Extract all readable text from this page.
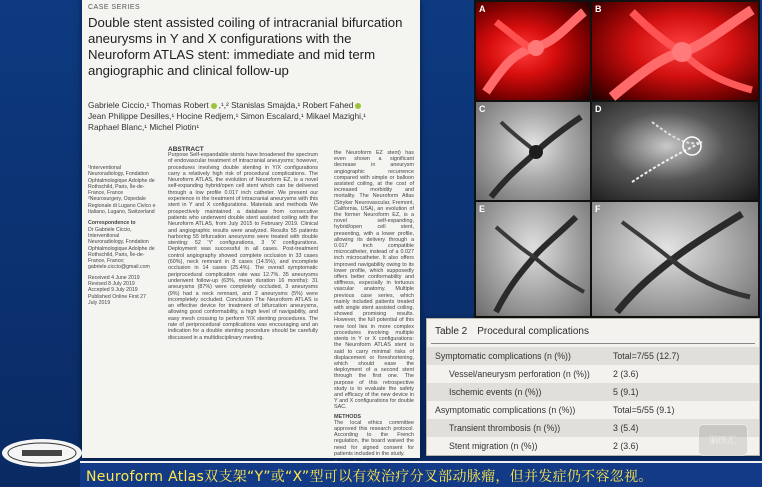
CASE SERIES
Double stent assisted coiling of intracranial bifurcation aneurysms in Y and X configurations with the Neuroform ATLAS stent: immediate and mid term angiographic and clinical follow-up
Gabriele Ciccio,¹ Thomas Robert ,¹,² Stanislas Smajda,¹ Robert Fahed
Jean Philippe Desilles,¹ Hocine Redjem,¹ Simon Escalard,¹ Mikael Mazighi,¹
Raphael Blanc,¹ Michel Piotin¹
¹Interventional Neuroradiology, Fondation Ophtalmologique Adolphe de Rothschild, Paris, Île-de-France, France ²Neurosurgery, Ospedale Regionale di Lugano Civico e Italiano, Lugano, Switzerland
Correspondence to
Dr Gabriele Ciccio, Interventional Neuroradiology, Fondation Ophtalmologique Adolphe de Rothschild, Paris, Île-de-France, France; gabriele.ciccio@gmail.com
Received 4 June 2019 Revised 8 July 2019 Accepted 9 July 2019 Published Online First 27 July 2019
ABSTRACT
Purpose Self-expandable stents have broadened the spectrum of endovascular treatment of intracranial aneurysms; however, procedures involving double stenting in Y/X configurations carry a relatively high risk of procedural complications. The Neuroform ATLAS, the evolution of Neuroform EZ, is a novel self-expanding hybrid/open cell stent which can be delivered through a low profile 0.017 inch catheter. We present our experience in the treatment of intracranial aneurysms with this stent in Y and X configurations. Materials and methods We prospectively maintained a database from consecutive patients who underwent double stent assisted coiling with the Neuroform ATLAS, from July 2015 to February 2019. Clinical and angiographic results were analyzed. Results 55 patients harboring 55 bifurcation aneurysms were treated with double stenting: 52 'Y' configurations, 3 'X' configurations. Deployment was successful in all cases. Post-treatment control angiography showed complete occlusion in 33 cases (60%), neck remnant in 8 cases (14.5%), and incomplete occlusion in 14 cases (25.4%). The overall symptomatic periprocedural complication rate was 12.7%. 35 aneurysms underwent follow-up (63%, mean duration 16 months): 31 aneurysms (87%) were completely occluded, 3 aneurysms (9%) had a neck remnant, and 2 aneurysms (5%) were incompletely occluded. Conclusion The Neuroform ATLAS is an effective device for treatment of bifurcation aneurysms, allowing good conformability, a high level of navigability, and easy mesh crossing to perform Y/X stenting procedures. The rate of periprocedural complications was encouraging and an indication for a double stenting procedure should be carefully discussed in a multidisciplinary meeting.
the Neuroform EZ stent) has even shown a significant decrease in aneurysm angiographic recurrence compared with simple or balloon assisted coiling, at the cost of increased morbidity and mortality. The Neuroform Atlas (Stryker Neurovascular, Fremont, California, USA), an evolution of the former Neuroform EZ, is a novel self-expanding, hybrid/open cell stent, presenting, with a lower profile, allowing its delivery through a 0.017 inch compatible microcatheter, instead of a 0.027 inch microcatheter. It also offers improved navigability owing to its lower profile, which supposedly offers better conformability and stiffness, especially in tortuous vascular anatomy. Multiple previous case series, which mainly included patients treated with single stent assisted coiling, showed promising results. However, the full potential of this new tool lies in more complex procedures involving multiple stents in Y or X configurations: the Neuroform ATLAS stent is said to carry minimal risks of displacement or foreshortening, which should ease the deployment of a second stent through the first one. The purpose of this retrospective study is to evaluate the safety and efficacy of the new device in Y and X configurations for double SAC.
METHODS
The local ethics committee approved this research protocol. According to the French regulation, the board waived the need for signed consent for patients included in the study.
A	B
C	D
E	F
Table 2 Procedural complications
Symptomatic complications (n (%))	Total=7/55 (12.7)
Vessel/aneurysm perforation (n (%))	2 (3.6)
Ischemic events (n (%))	5 (9.1)
Asymptomatic complications (n (%))	Total=5/55 (9.1)
Transient thrombosis (n (%))	3 (5.4)
Stent migration (n (%))	2 (3.6)
脑医汇
Neuroform Atlas双支架“Y”或“X”型可以有效治疗分叉部动脉瘤，但并发症仍不容忽视。
